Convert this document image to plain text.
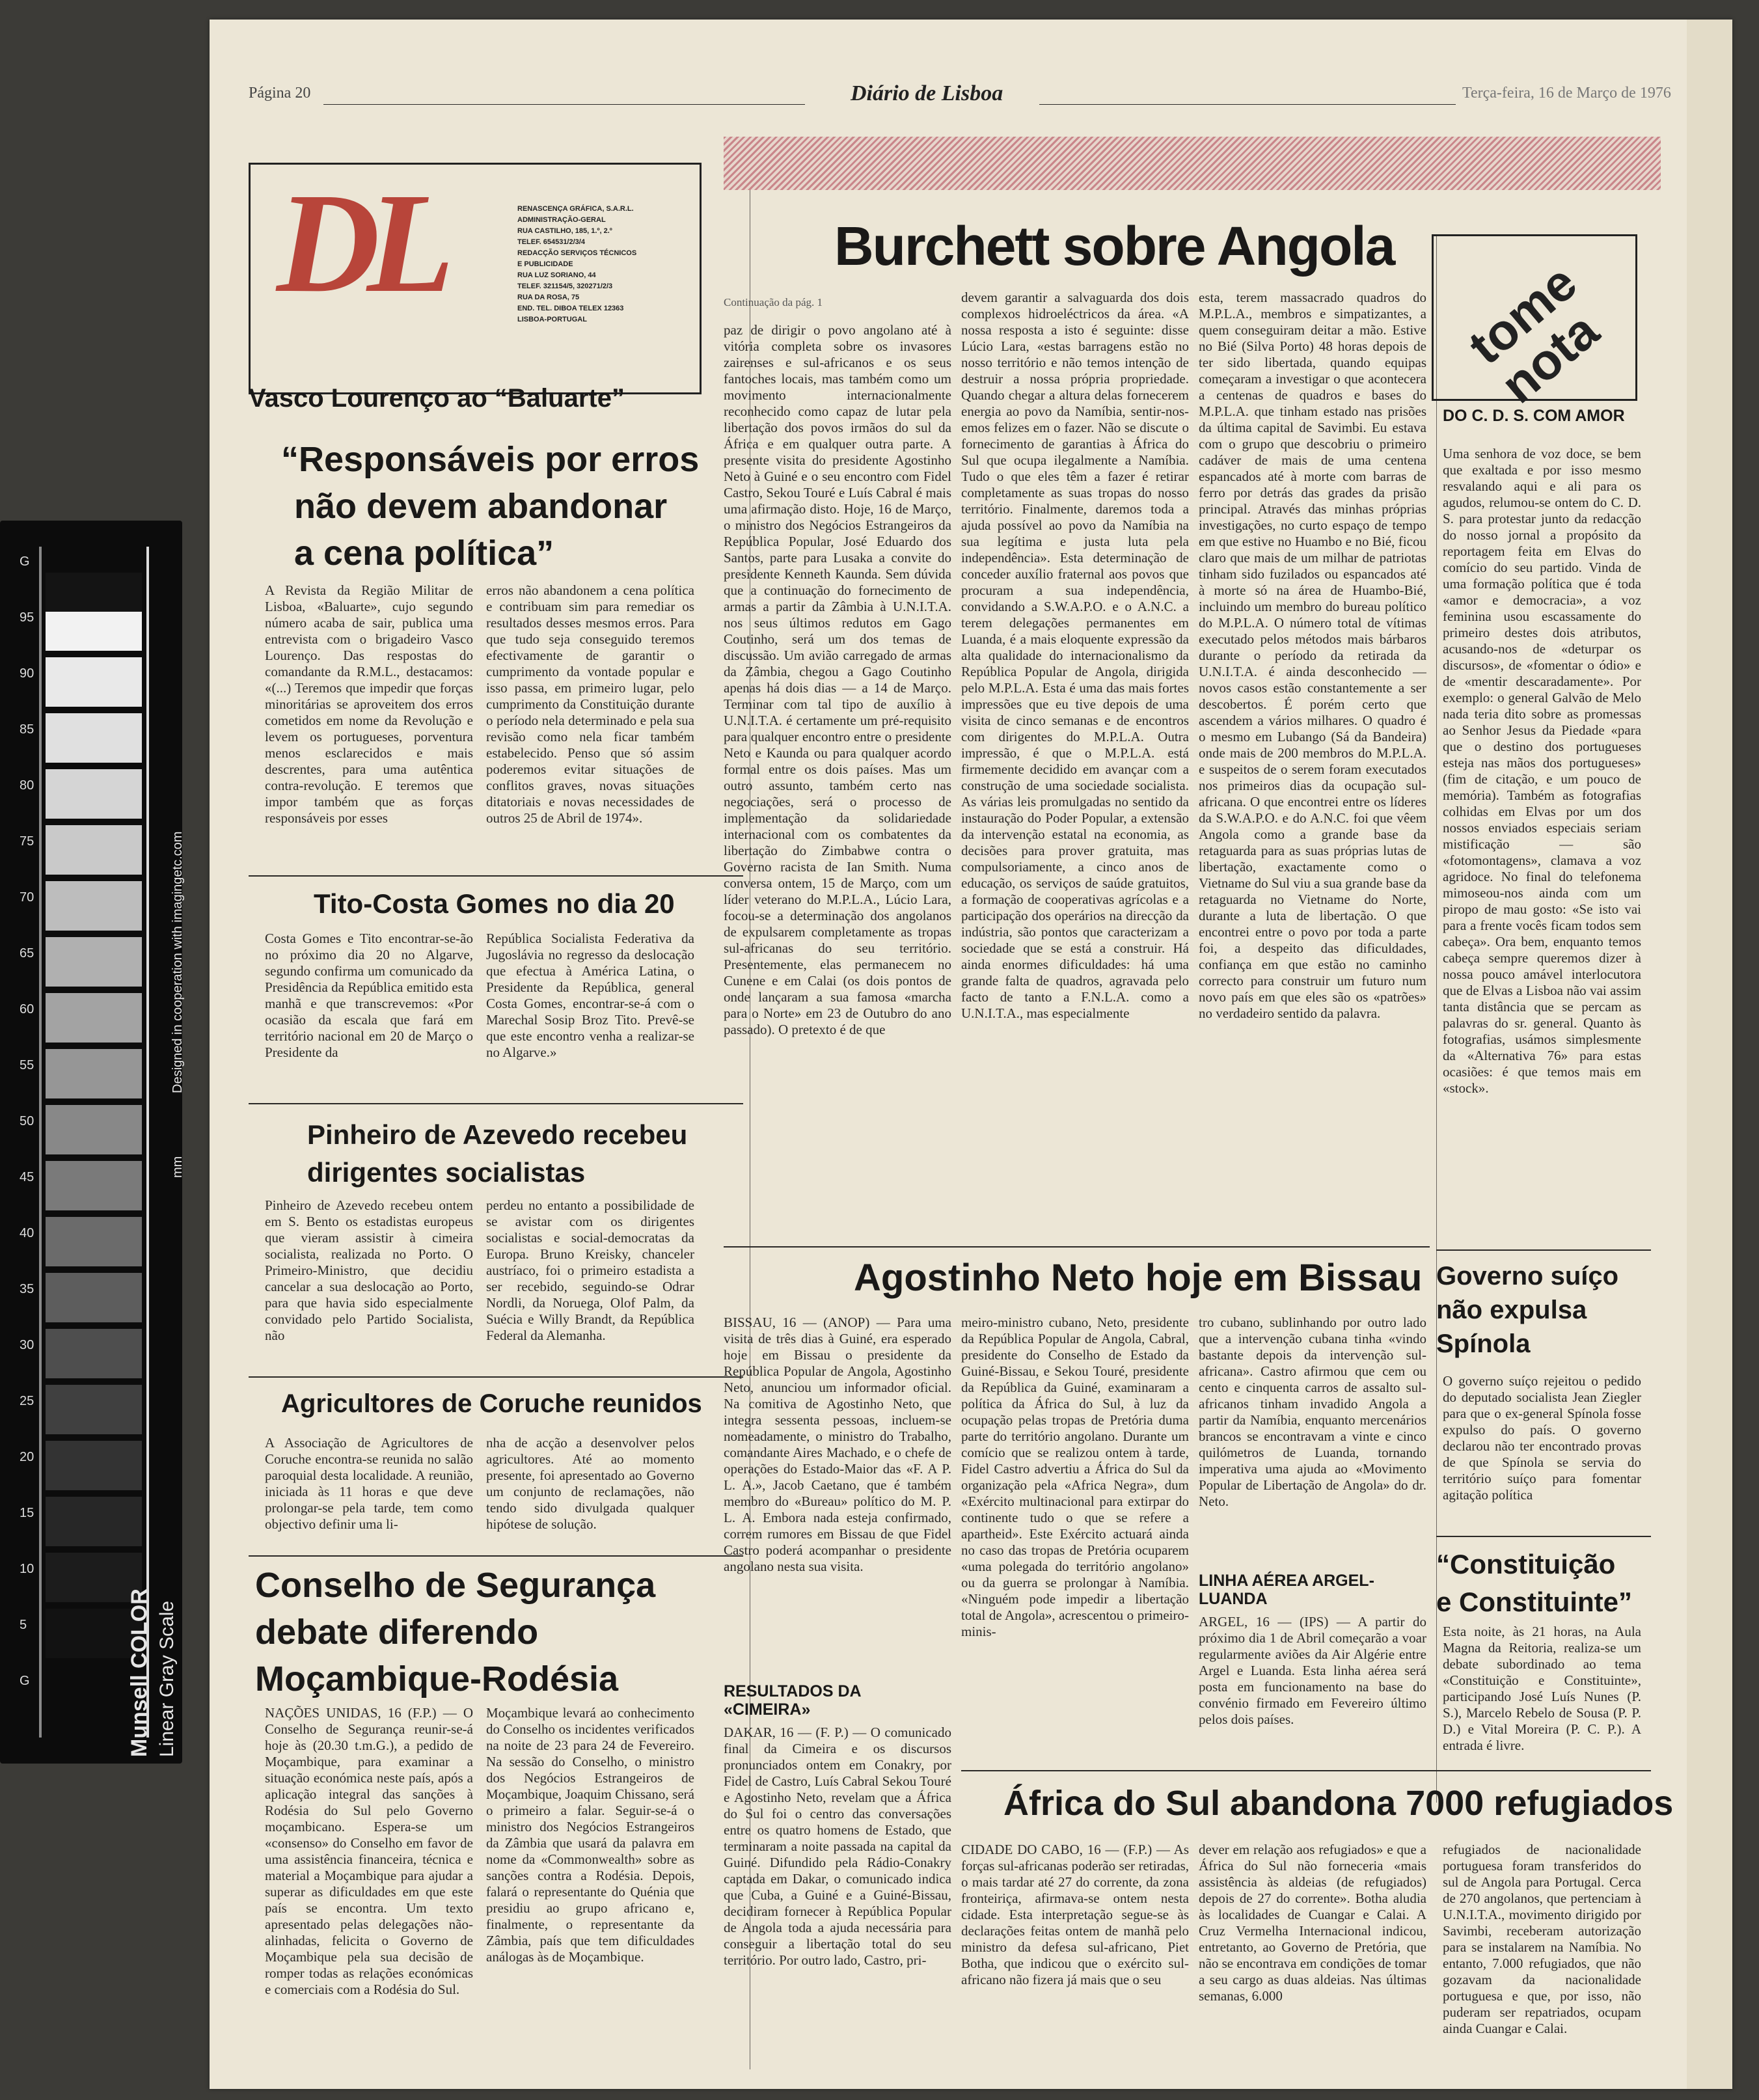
Designed in cooperation with imagingetc.com
mm
Linear Gray Scale
Munsell COLOR
G
95
90
85
80
75
70
65
60
55
50
45
40
35
30
25
20
15
10
5
G
Página 20	Diário de Lisboa	Terça-feira, 16 de Março de 1976
DL	RENASCENÇA GRÁFICA, S.A.R.L.
ADMINISTRAÇÃO-GERAL
RUA CASTILHO, 185, 1.º, 2.º
TELEF. 654531/2/3/4
REDACÇÃO SERVIÇOS TÉCNICOS
E PUBLICIDADE
RUA LUZ SORIANO, 44
TELEF. 321154/5, 320271/2/3
RUA DA ROSA, 75
END. TEL. DIBOA TELEX 12363
LISBOA-PORTUGAL
Vasco Lourenço ao “Baluarte”
“Responsáveis por erros
não devem abandonar
a cena política”
A Revista da Região Militar de Lisboa, «Baluarte», cujo segundo número acaba de sair, publica uma entrevista com o brigadeiro Vasco Lourenço. Das respostas do comandante da R.M.L., destacamos: «(...) Teremos que impedir que forças minoritárias se aproveitem dos erros cometidos em nome da Revolução e levem os portugueses, porventura menos esclarecidos e mais descrentes, para uma autêntica contra-revolução. E teremos que impor também que as forças responsáveis por esses
erros não abandonem a cena política e contribuam sim para remediar os resultados desses mesmos erros. Para que tudo seja conseguido teremos efectivamente de garantir o cumprimento da vontade popular e isso passa, em primeiro lugar, pelo cumprimento da Constituição durante o período nela determinado e pela sua revisão como nela ficar também estabelecido. Penso que só assim poderemos evitar situações de conflitos graves, novas situações ditatoriais e novas necessidades de outros 25 de Abril de 1974».
Tito-Costa Gomes no dia 20
Costa Gomes e Tito encontrar-se-ão no próximo dia 20 no Algarve, segundo confirma um comunicado da Presidência da República emitido esta manhã e que transcrevemos: «Por ocasião da escala que fará em território nacional em 20 de Março o Presidente da
República Socialista Federativa da Jugoslávia no regresso da deslocação que efectua à América Latina, o Presidente da República, general Costa Gomes, encontrar-se-á com o Marechal Sosip Broz Tito. Prevê-se que este encontro venha a realizar-se no Algarve.»
Pinheiro de Azevedo recebeu
dirigentes socialistas
Pinheiro de Azevedo recebeu ontem em S. Bento os estadistas europeus que vieram assistir à cimeira socialista, realizada no Porto. O Primeiro-Ministro, que decidiu cancelar a sua deslocação ao Porto, para que havia sido especialmente convidado pelo Partido Socialista, não
perdeu no entanto a possibilidade de se avistar com os dirigentes socialistas e social-democratas da Europa. Bruno Kreisky, chanceler austríaco, foi o primeiro estadista a ser recebido, seguindo-se Odrar Nordli, da Noruega, Olof Palm, da Suécia e Willy Brandt, da República Federal da Alemanha.
Agricultores de Coruche reunidos
A Associação de Agricultores de Coruche encontra-se reunida no salão paroquial desta localidade. A reunião, iniciada às 11 horas e que deve prolongar-se pela tarde, tem como objectivo definir uma li-
nha de acção a desenvolver pelos agricultores. Até ao momento presente, foi apresentado ao Governo um conjunto de reclamações, não tendo sido divulgada qualquer hipótese de solução.
Conselho de Segurança
debate diferendo
Moçambique-Rodésia
NAÇÕES UNIDAS, 16 (F.P.) — O Conselho de Segurança reunir-se-á hoje às (20.30 t.m.G.), a pedido de Moçambique, para examinar a situação económica neste país, após a aplicação integral das sanções à Rodésia do Sul pelo Governo moçambicano. Espera-se um «consenso» do Conselho em favor de uma assistência financeira, técnica e material a Moçambique para ajudar a superar as dificuldades em que este país se encontra. Um texto apresentado pelas delegações não-alinhadas, felicita o Governo de Moçambique pela sua decisão de romper todas as relações económicas e comerciais com a Rodésia do Sul.
Moçambique levará ao conhecimento do Conselho os incidentes verificados na noite de 23 para 24 de Fevereiro. Na sessão do Conselho, o ministro dos Negócios Estrangeiros de Moçambique, Joaquim Chissano, será o primeiro a falar. Seguir-se-á o ministro dos Negócios Estrangeiros da Zâmbia que usará da palavra em nome da «Commonwealth» sobre as sanções contra a Rodésia. Depois, falará o representante do Quénia que presidiu ao grupo africano e, finalmente, o representante da Zâmbia, país que tem dificuldades análogas às de Moçambique.
Burchett sobre Angola
Continuação da pág. 1
paz de dirigir o povo angolano até à vitória completa sobre os invasores zairenses e sul-africanos e os seus fantoches locais, mas também como um movimento internacionalmente reconhecido como capaz de lutar pela libertação dos povos irmãos do sul da África e em qualquer outra parte. A presente visita do presidente Agostinho Neto à Guiné e o seu encontro com Fidel Castro, Sekou Touré e Luís Cabral é mais uma afirmação disto. Hoje, 16 de Março, o ministro dos Negócios Estrangeiros da República Popular, José Eduardo dos Santos, parte para Lusaka a convite do presidente Kenneth Kaunda. Sem dúvida que a continuação do fornecimento de armas a partir da Zâmbia à U.N.I.T.A. nos seus últimos redutos em Gago Coutinho, será um dos temas de discussão. Um avião carregado de armas da Zâmbia, chegou a Gago Coutinho apenas há dois dias — a 14 de Março. Terminar com tal tipo de auxílio à U.N.I.T.A. é certamente um pré-requisito para qualquer encontro entre o presidente Neto e Kaunda ou para qualquer acordo formal entre os dois países. Mas um outro assunto, também certo nas negociações, será o processo de implementação da solidariedade internacional com os combatentes da libertação do Zimbabwe contra o Governo racista de Ian Smith. Numa conversa ontem, 15 de Março, com um líder veterano do M.P.L.A., Lúcio Lara, focou-se a determinação dos angolanos de expulsarem completamente as tropas sul-africanas do seu território. Presentemente, elas permanecem no Cunene e em Calai (os dois pontos de onde lançaram a sua famosa «marcha para o Norte» em 23 de Outubro do ano passado). O pretexto é de que
devem garantir a salvaguarda dos dois complexos hidroeléctricos da área. «A nossa resposta a isto é seguinte: disse Lúcio Lara, «estas barragens estão no nosso território e não temos intenção de destruir a nossa própria propriedade. Quando chegar a altura delas fornecerem energia ao povo da Namíbia, sentir-nos-emos felizes em o fazer. Não se discute o fornecimento de garantias à África do Sul que ocupa ilegalmente a Namíbia. Tudo o que eles têm a fazer é retirar completamente as suas tropas do nosso território. Finalmente, daremos toda a ajuda possível ao povo da Namíbia na sua legítima e justa luta pela independência». Esta determinação de conceder auxílio fraternal aos povos que procuram a sua independência, convidando a S.W.A.P.O. e o A.N.C. a terem delegações permanentes em Luanda, é a mais eloquente expressão da alta qualidade do internacionalismo da República Popular de Angola, dirigida pelo M.P.L.A. Esta é uma das mais fortes impressões que eu tive depois de uma visita de cinco semanas e de encontros com dirigentes do M.P.L.A. Outra impressão, é que o M.P.L.A. está firmemente decidido em avançar com a construção de uma sociedade socialista. As várias leis promulgadas no sentido da instauração do Poder Popular, a extensão da intervenção estatal na economia, as decisões para prover gratuita, mas compulsoriamente, a cinco anos de educação, os serviços de saúde gratuitos, a formação de cooperativas agrícolas e a participação dos operários na direcção da indústria, são pontos que caracterizam a sociedade que se está a construir. Há ainda enormes dificuldades: há uma grande falta de quadros, agravada pelo facto de tanto a F.N.L.A. como a U.N.I.T.A., mas especialmente
esta, terem massacrado quadros do M.P.L.A., membros e simpatizantes, a quem conseguiram deitar a mão. Estive no Bié (Silva Porto) 48 horas depois de ter sido libertada, quando equipas começaram a investigar o que acontecera a centenas de quadros e bases do M.P.L.A. que tinham estado nas prisões da última capital de Savimbi. Eu estava com o grupo que descobriu o primeiro cadáver de mais de uma centena espancados até à morte com barras de ferro por detrás das grades da prisão principal. Através das minhas próprias investigações, no curto espaço de tempo em que estive no Huambo e no Bié, ficou claro que mais de um milhar de patriotas tinham sido fuzilados ou espancados até à morte só na área de Huambo-Bié, incluindo um membro do bureau político do M.P.L.A. O número total de vítimas executado pelos métodos mais bárbaros durante o período da retirada da U.N.I.T.A. é ainda desconhecido — novos casos estão constantemente a ser descobertos. É porém certo que ascendem a vários milhares. O quadro é o mesmo em Lubango (Sá da Bandeira) onde mais de 200 membros do M.P.L.A. e suspeitos de o serem foram executados nos primeiros dias da ocupação sul-africana. O que encontrei entre os líderes da S.W.A.P.O. e do A.N.C. foi que vêem Angola como a grande base da retaguarda para as suas próprias lutas de libertação, exactamente como o Vietname do Sul viu a sua grande base da retaguarda no Vietname do Norte, durante a luta de libertação. O que encontrei entre o povo por toda a parte foi, a despeito das dificuldades, confiança em que estão no caminho correcto para construir um futuro num novo país em que eles são os «patrões» no verdadeiro sentido da palavra.
tome nota
DO C. D. S. COM AMOR
Uma senhora de voz doce, se bem que exaltada e por isso mesmo resvalando aqui e ali para os agudos, relumou-se ontem do C. D. S. para protestar junto da redacção do nosso jornal a propósito da reportagem feita em Elvas do comício do seu partido. Vinda de uma formação política que é toda «amor e democracia», a voz feminina usou escassamente do primeiro destes dois atributos, acusando-nos de «deturpar os discursos», de «fomentar o ódio» e de «mentir descaradamente». Por exemplo: o general Galvão de Melo nada teria dito sobre as promessas ao Senhor Jesus da Piedade «para que o destino dos portugueses esteja nas mãos dos portugueses» (fim de citação, e um pouco de memória). Também as fotografias colhidas em Elvas por um dos nossos enviados especiais seriam mistificação — são «fotomontagens», clamava a voz agridoce. No final do telefonema mimoseou-nos ainda com um piropo de mau gosto: «Se isto vai para a frente vocês ficam todos sem cabeça». Ora bem, enquanto temos cabeça sempre queremos dizer à nossa pouco amável interlocutora que de Elvas a Lisboa não vai assim tanta distância que se percam as palavras do sr. general. Quanto às fotografias, usámos simplesmente da «Alternativa 76» para estas ocasiões: é que temos mais em «stock».
Governo suíço
não expulsa
Spínola
O governo suíço rejeitou o pedido do deputado socialista Jean Ziegler para que o ex-general Spínola fosse expulso do país. O governo declarou não ter encontrado provas de que Spínola se servia do território suíço para fomentar agitação política
“Constituição
e Constituinte”
Esta noite, às 21 horas, na Aula Magna da Reitoria, realiza-se um debate subordinado ao tema «Constituição e Constituinte», participando José Luís Nunes (P. S.), Marcelo Rebelo de Sousa (P. P. D.) e Vital Moreira (P. C. P.). A entrada é livre.
Agostinho Neto hoje em Bissau
BISSAU, 16 — (ANOP) — Para uma visita de três dias à Guiné, era esperado hoje em Bissau o presidente da República Popular de Angola, Agostinho Neto, anunciou um informador oficial. Na comitiva de Agostinho Neto, que integra sessenta pessoas, incluem-se nomeadamente, o ministro do Trabalho, comandante Aires Machado, e o chefe de operações do Estado-Maior das «F. A P. L. A.», Jacob Caetano, que é também membro do «Bureau» político do M. P. L. A. Embora nada esteja confirmado, correm rumores em Bissau de que Fidel Castro poderá acompanhar o presidente angolano nesta sua visita.
RESULTADOS DA «CIMEIRA»
DAKAR, 16 — (F. P.) — O comunicado final da Cimeira e os discursos pronunciados ontem em Conakry, por Fidel de Castro, Luís Cabral Sekou Touré e Agostinho Neto, revelam que a África do Sul foi o centro das conversações entre os quatro homens de Estado, que terminaram a noite passada na capital da Guiné. Difundido pela Rádio-Conakry captada em Dakar, o comunicado indica que Cuba, a Guiné e a Guiné-Bissau, decidiram fornecer à República Popular de Angola toda a ajuda necessária para conseguir a libertação total do seu território. Por outro lado, Castro, pri-
meiro-ministro cubano, Neto, presidente da República Popular de Angola, Cabral, presidente do Conselho de Estado da Guiné-Bissau, e Sekou Touré, presidente da República da Guiné, examinaram a política da África do Sul, à luz da ocupação pelas tropas de Pretória duma parte do território angolano. Durante um comício que se realizou ontem à tarde, Fidel Castro advertiu a África do Sul da organização pela «Africa Negra», dum «Exército multinacional para extirpar do continente tudo o que se refere a apartheid». Este Exército actuará ainda no caso das tropas de Pretória ocuparem «uma polegada do território angolano» ou da guerra se prolongar à Namíbia. «Ninguém pode impedir a libertação total de Angola», acrescentou o primeiro-minis-
tro cubano, sublinhando por outro lado que a intervenção cubana tinha «vindo bastante depois da intervenção sul-africana». Castro afirmou que cem ou cento e cinquenta carros de assalto sul-africanos tinham invadido Angola a partir da Namíbia, enquanto mercenários brancos se encontravam a vinte e cinco quilómetros de Luanda, tornando imperativa uma ajuda ao «Movimento Popular de Libertação de Angola» do dr. Neto.
LINHA AÉREA ARGEL-LUANDA
ARGEL, 16 — (IPS) — A partir do próximo dia 1 de Abril começarão a voar regularmente aviões da Air Algérie entre Argel e Luanda. Esta linha aérea será posta em funcionamento na base do convénio firmado em Fevereiro último pelos dois países.
África do Sul abandona 7000 refugiados
CIDADE DO CABO, 16 — (F.P.) — As forças sul-africanas poderão ser retiradas, o mais tardar até 27 do corrente, da zona fronteiriça, afirmava-se ontem nesta cidade. Esta interpretação segue-se às declarações feitas ontem de manhã pelo ministro da defesa sul-africano, Piet Botha, que indicou que o exército sul-africano não fizera já mais que o seu
dever em relação aos refugiados» e que a África do Sul não forneceria «mais assistência às aldeias (de refugiados) depois de 27 do corrente». Botha aludia às localidades de Cuangar e Calai. A Cruz Vermelha Internacional indicou, entretanto, ao Governo de Pretória, que não se encontrava em condições de tomar a seu cargo as duas aldeias. Nas últimas semanas, 6.000
refugiados de nacionalidade portuguesa foram transferidos do sul de Angola para Portugal. Cerca de 270 angolanos, que pertenciam à U.N.I.T.A., movimento dirigido por Savimbi, receberam autorização para se instalarem na Namíbia. No entanto, 7.000 refugiados, que não gozavam da nacionalidade portuguesa e que, por isso, não puderam ser repatriados, ocupam ainda Cuangar e Calai.
